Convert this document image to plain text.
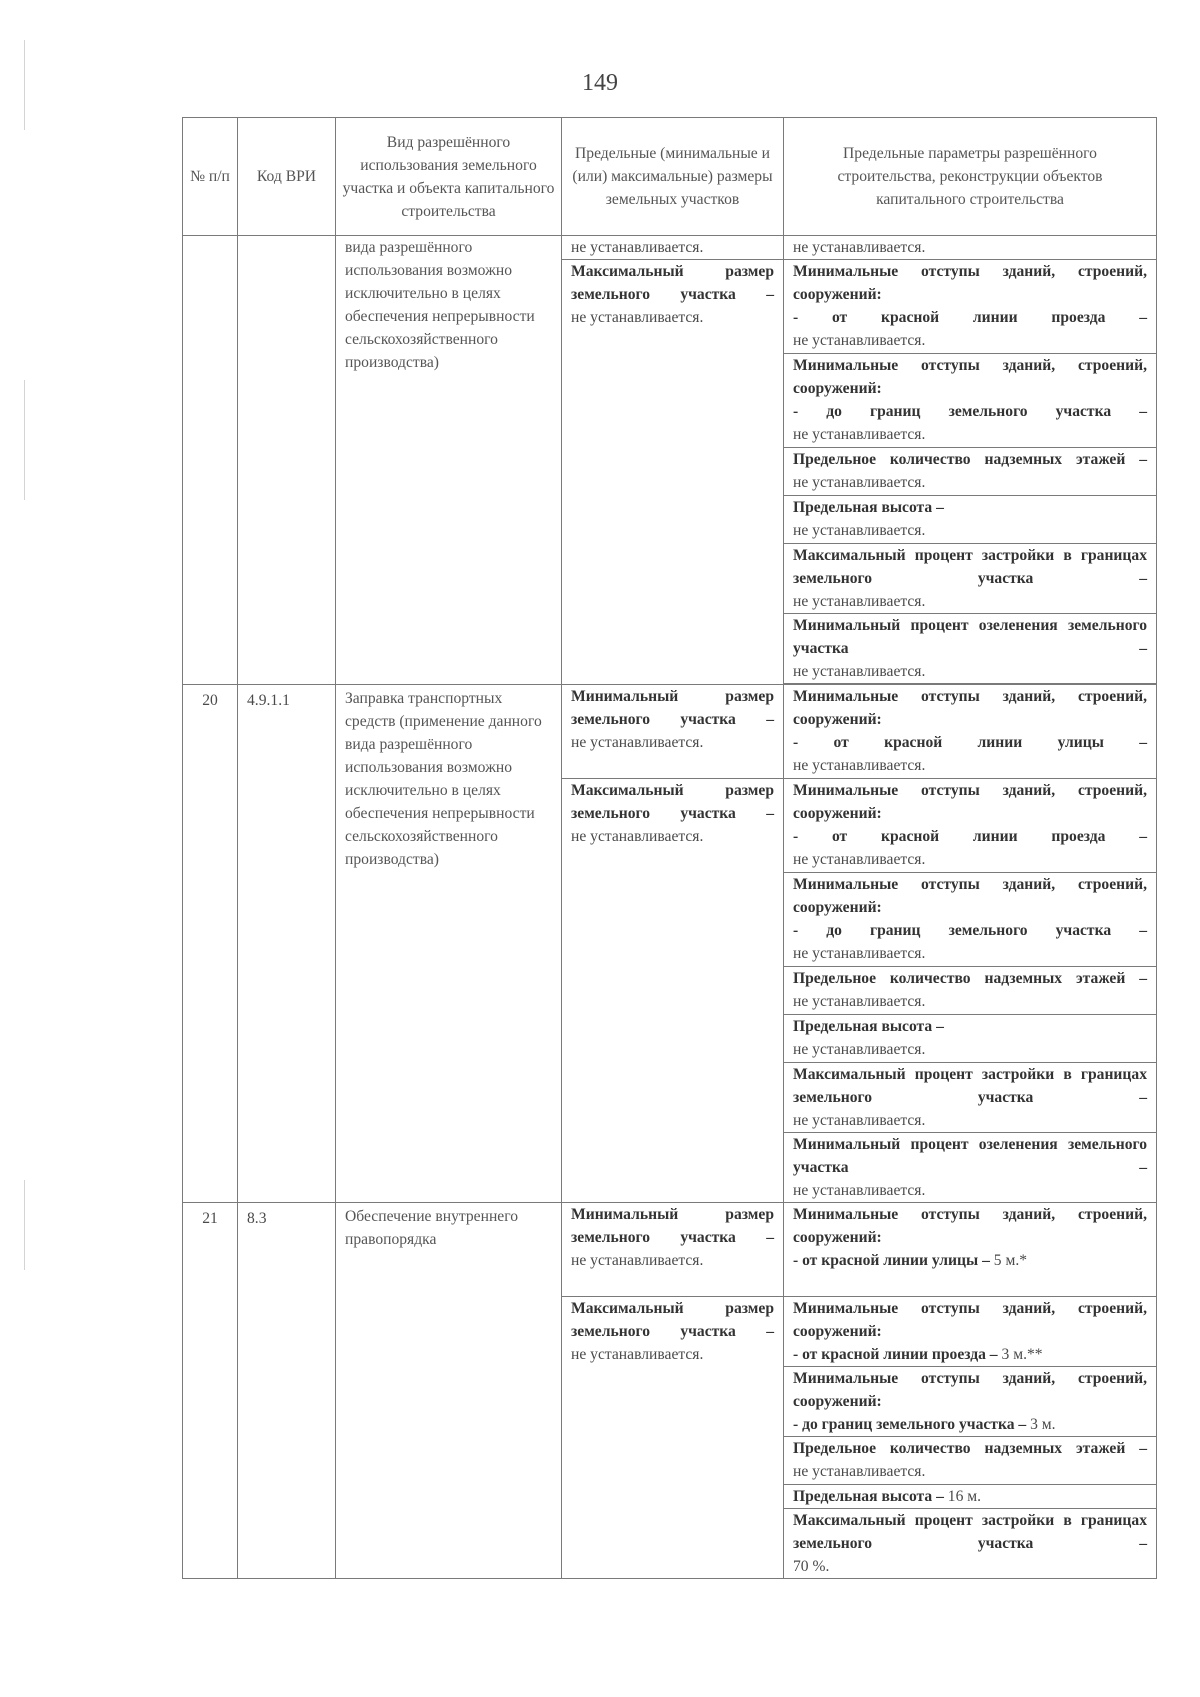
149
№ п/п	Код ВРИ	Вид разрешённого использования земельного участка и объекта капитального строительства	Предельные (минимальные и (или) максимальные) размеры земельных участков	Предельные параметры разрешённого строительства, реконструкции объектов капитального строительства
		вида разрешённого использования возможно исключительно в целях обеспечения непрерывности сельскохозяйственного производства)	не устанавливается.	не устанавливается.

			Максимальный размер земельного участка –
не устанавливается.	Минимальные отступы зданий, строений, сооружений:
- от красной линии проезда –
не устанавливается.

				Минимальные отступы зданий, строений, сооружений:
- до границ земельного участка –
не устанавливается.

				Предельное количество надземных этажей –
не устанавливается.

				Предельная высота –
не устанавливается.

				Максимальный процент застройки в границах земельного участка –
не устанавливается.

				Минимальный процент озеленения земельного участка –
не устанавливается.

20	4.9.1.1	Заправка транспортных средств (применение данного вида разрешённого использования возможно исключительно в целях обеспечения непрерывности сельскохозяйственного производства)	Минимальный размер земельного участка –
не устанавливается.	Минимальные отступы зданий, строений, сооружений:
- от красной линии улицы –
не устанавливается.

			Максимальный размер земельного участка –
не устанавливается.	Минимальные отступы зданий, строений, сооружений:
- от красной линии проезда –
не устанавливается.

				Минимальные отступы зданий, строений, сооружений:
- до границ земельного участка –
не устанавливается.

				Предельное количество надземных этажей –
не устанавливается.

				Предельная высота –
не устанавливается.

				Максимальный процент застройки в границах земельного участка –
не устанавливается.

				Минимальный процент озеленения земельного участка –
не устанавливается.
21	8.3	Обеспечение внутреннего правопорядка	Минимальный размер земельного участка –
не устанавливается.	Минимальные отступы зданий, строений, сооружений:
- от красной линии улицы – 5 м.*

			Максимальный размер земельного участка –
не устанавливается.	Минимальные отступы зданий, строений, сооружений:
- от красной линии проезда – 3 м.**

				Минимальные отступы зданий, строений, сооружений:
- до границ земельного участка – 3 м.

				Предельное количество надземных этажей –
не устанавливается.
				Предельная высота – 16 м.

				Максимальный процент застройки в границах земельного участка –
70 %.
